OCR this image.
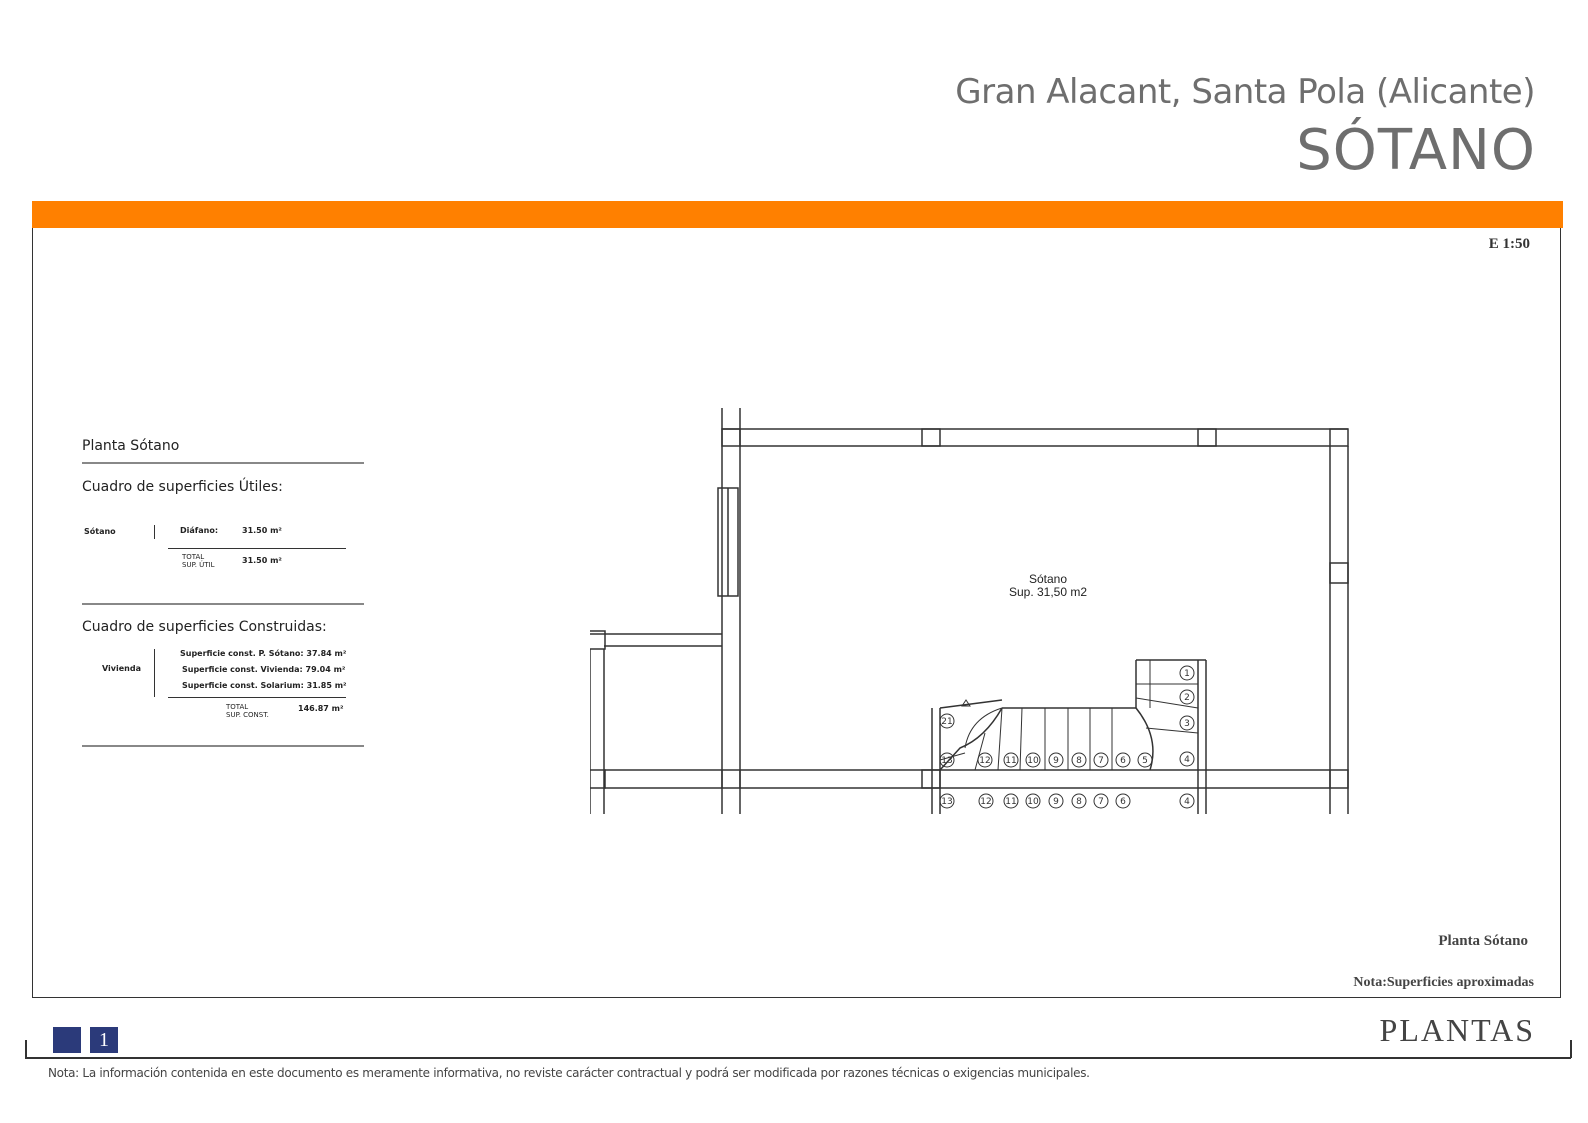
Gran Alacant, Santa Pola (Alicante)
SÓTANO
E 1:50
Planta Sótano
Cuadro de superficies Útiles:
Sótano	Diáfano:	31.50 m²
TOTAL
SUP. ÚTIL	31.50 m²
Cuadro de superficies Construidas:
Vivienda
Superficie const. P. Sótano: 37.84 m²
Superficie const. Vivienda: 79.04 m²
Superficie const. Solarium: 31.85 m²
TOTAL
SUP. CONST.
146.87 m²
1
2
3
4
21
13	12 11 10 9 8 7 6 5
13	12 11 10 9 8 7 6	4
Sótano
Sup. 31,50 m2
Planta Sótano
Nota:Superficies aproximadas
1	PLANTAS
Nota: La información contenida en este documento es meramente informativa, no reviste carácter contractual y podrá ser modificada por razones técnicas o exigencias municipales.
